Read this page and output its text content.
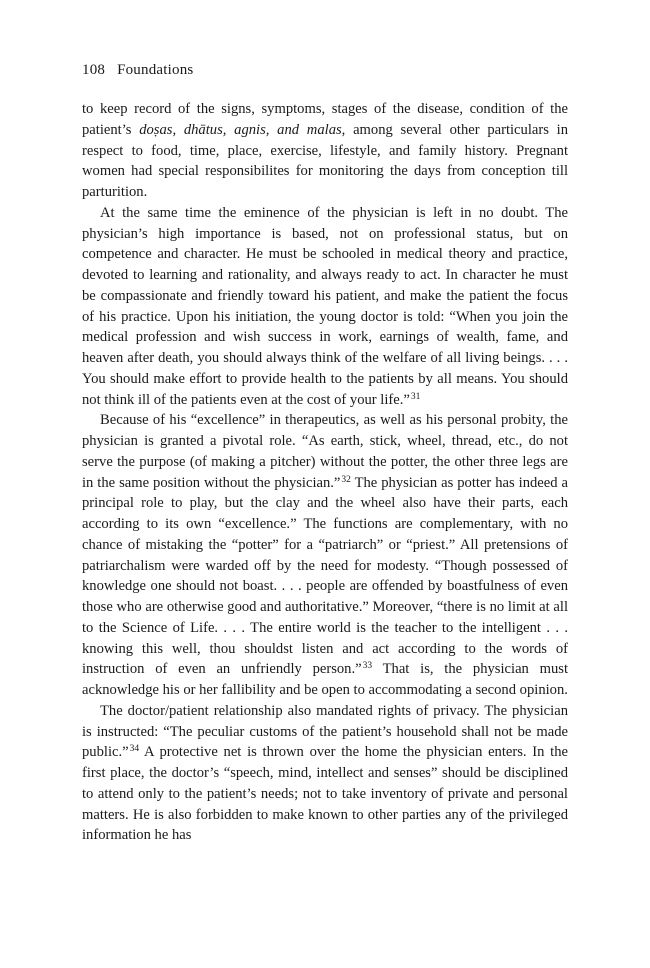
108 Foundations

to keep record of the signs, symptoms, stages of the disease, condition of the patient’s doṣas, dhātus, agnis, and malas, among several other particulars in respect to food, time, place, exercise, lifestyle, and family history. Pregnant women had special responsibilites for monitoring the days from conception till parturition.

At the same time the eminence of the physician is left in no doubt. The physician’s high importance is based, not on professional status, but on competence and character. He must be schooled in medical theory and practice, devoted to learning and rationality, and always ready to act. In character he must be compassionate and friendly toward his patient, and make the patient the focus of his practice. Upon his initiation, the young doctor is told: “When you join the medical profession and wish success in work, earnings of wealth, fame, and heaven after death, you should always think of the welfare of all living beings. . . . You should make effort to provide health to the patients by all means. You should not think ill of the patients even at the cost of your life.”$^{31}$

Because of his “excellence” in therapeutics, as well as his personal probity, the physician is granted a pivotal role. “As earth, stick, wheel, thread, etc., do not serve the purpose (of making a pitcher) without the potter, the other three legs are in the same position without the physician.”$^{32}$ The physician as potter has indeed a principal role to play, but the clay and the wheel also have their parts, each according to its own “excellence.” The functions are complementary, with no chance of mistaking the “potter” for a “patriarch” or “priest.” All pretensions of patriarchalism were warded off by the need for modesty. “Though possessed of knowledge one should not boast. . . . people are offended by boastfulness of even those who are otherwise good and authoritative.” Moreover, “there is no limit at all to the Science of Life. . . . The entire world is the teacher to the intelligent . . . knowing this well, thou shouldst listen and act according to the words of instruction of even an unfriendly person.”$^{33}$ That is, the physician must acknowledge his or her fallibility and be open to accommodating a second opinion.

The doctor/patient relationship also mandated rights of privacy. The physician is instructed: “The peculiar customs of the patient’s household shall not be made public.”$^{34}$ A protective net is thrown over the home the physician enters. In the first place, the doctor’s “speech, mind, intellect and senses” should be disciplined to attend only to the patient’s needs; not to take inventory of private and personal matters. He is also forbidden to make known to other parties any of the privileged information he has
